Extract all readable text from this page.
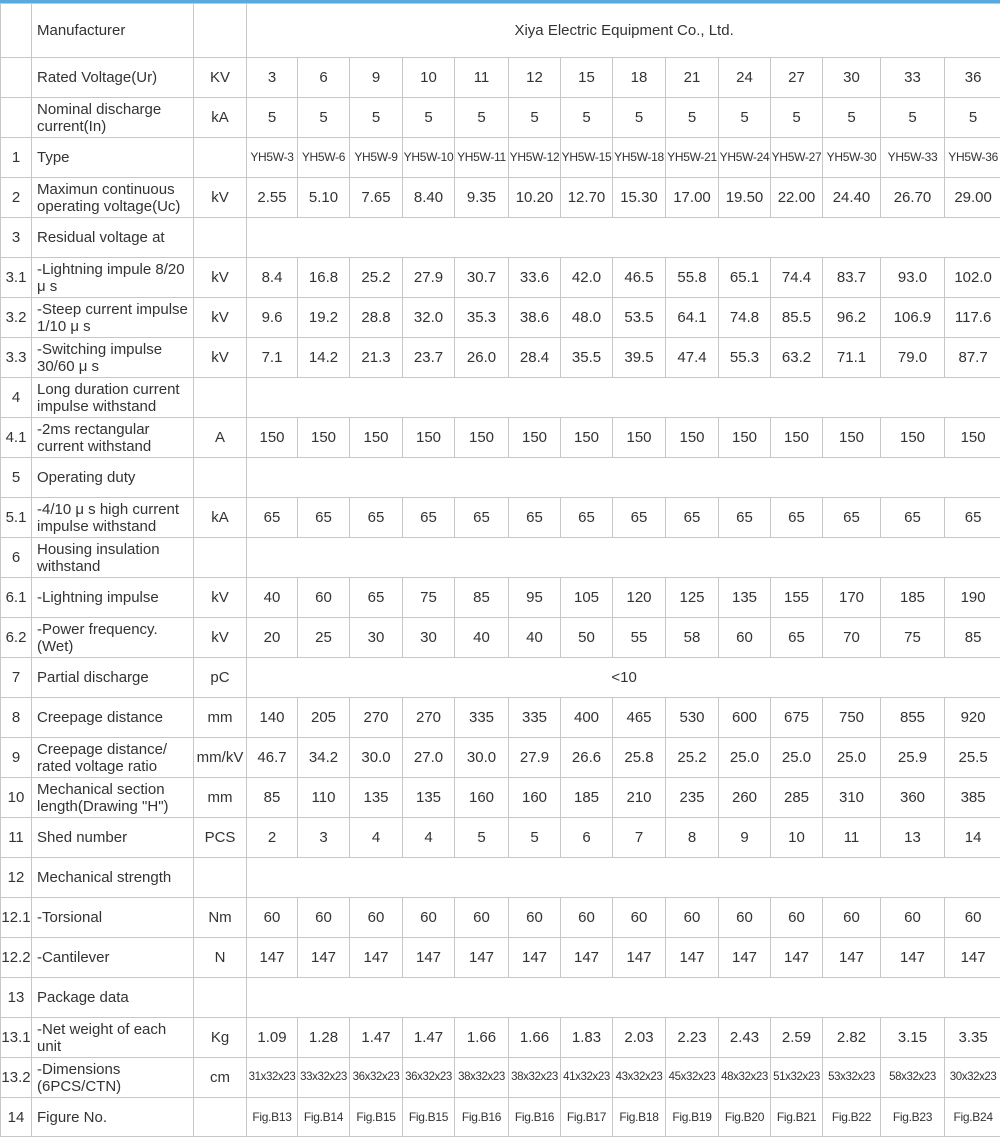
	Manufacturer		Xiya Electric Equipment Co., Ltd.													
	Rated Voltage(Ur)	KV	3	6	9	10	11	12	15	18	21	24	27	30	33	36
	Nominal discharge current(In)	kA	5	5	5	5	5	5	5	5	5	5	5	5	5	5
1	Type		YH5W-3	YH5W-6	YH5W-9	YH5W-10	YH5W-11	YH5W-12	YH5W-15	YH5W-18	YH5W-21	YH5W-24	YH5W-27	YH5W-30	YH5W-33	YH5W-36
2	Maximun continuous operating voltage(Uc)	kV	2.55	5.10	7.65	8.40	9.35	10.20	12.70	15.30	17.00	19.50	22.00	24.40	26.70	29.00
3	Residual voltage at															
3.1	-Lightning impule 8/20 μ s	kV	8.4	16.8	25.2	27.9	30.7	33.6	42.0	46.5	55.8	65.1	74.4	83.7	93.0	102.0
3.2	-Steep current impulse 1/10 μ s	kV	9.6	19.2	28.8	32.0	35.3	38.6	48.0	53.5	64.1	74.8	85.5	96.2	106.9	117.6
3.3	-Switching impulse 30/60 μ s	kV	7.1	14.2	21.3	23.7	26.0	28.4	35.5	39.5	47.4	55.3	63.2	71.1	79.0	87.7
4	Long duration current impulse withstand															
4.1	-2ms rectangular current withstand	A	150	150	150	150	150	150	150	150	150	150	150	150	150	150
5	Operating duty															
5.1	-4/10 μ s high current impulse withstand	kA	65	65	65	65	65	65	65	65	65	65	65	65	65	65
6	Housing insulation withstand															
6.1	-Lightning impulse	kV	40	60	65	75	85	95	105	120	125	135	155	170	185	190
6.2	-Power frequency.(Wet)	kV	20	25	30	30	40	40	50	55	58	60	65	70	75	85
7	Partial discharge	pC	<10													
8	Creepage distance	mm	140	205	270	270	335	335	400	465	530	600	675	750	855	920
9	Creepage distance/ rated voltage ratio	mm/kV	46.7	34.2	30.0	27.0	30.0	27.9	26.6	25.8	25.2	25.0	25.0	25.0	25.9	25.5
10	Mechanical section length(Drawing "H")	mm	85	110	135	135	160	160	185	210	235	260	285	310	360	385
11	Shed number	PCS	2	3	4	4	5	5	6	7	8	9	10	11	13	14
12	Mechanical strength															
12.1	-Torsional	Nm	60	60	60	60	60	60	60	60	60	60	60	60	60	60
12.2	-Cantilever	N	147	147	147	147	147	147	147	147	147	147	147	147	147	147
13	Package data															
13.1	-Net weight of each unit	Kg	1.09	1.28	1.47	1.47	1.66	1.66	1.83	2.03	2.23	2.43	2.59	2.82	3.15	3.35
13.2	-Dimensions (6PCS/CTN)	cm	31x32x23	33x32x23	36x32x23	36x32x23	38x32x23	38x32x23	41x32x23	43x32x23	45x32x23	48x32x23	51x32x23	53x32x23	58x32x23	30x32x23
14	Figure No.		Fig.B13	Fig.B14	Fig.B15	Fig.B15	Fig.B16	Fig.B16	Fig.B17	Fig.B18	Fig.B19	Fig.B20	Fig.B21	Fig.B22	Fig.B23	Fig.B24
